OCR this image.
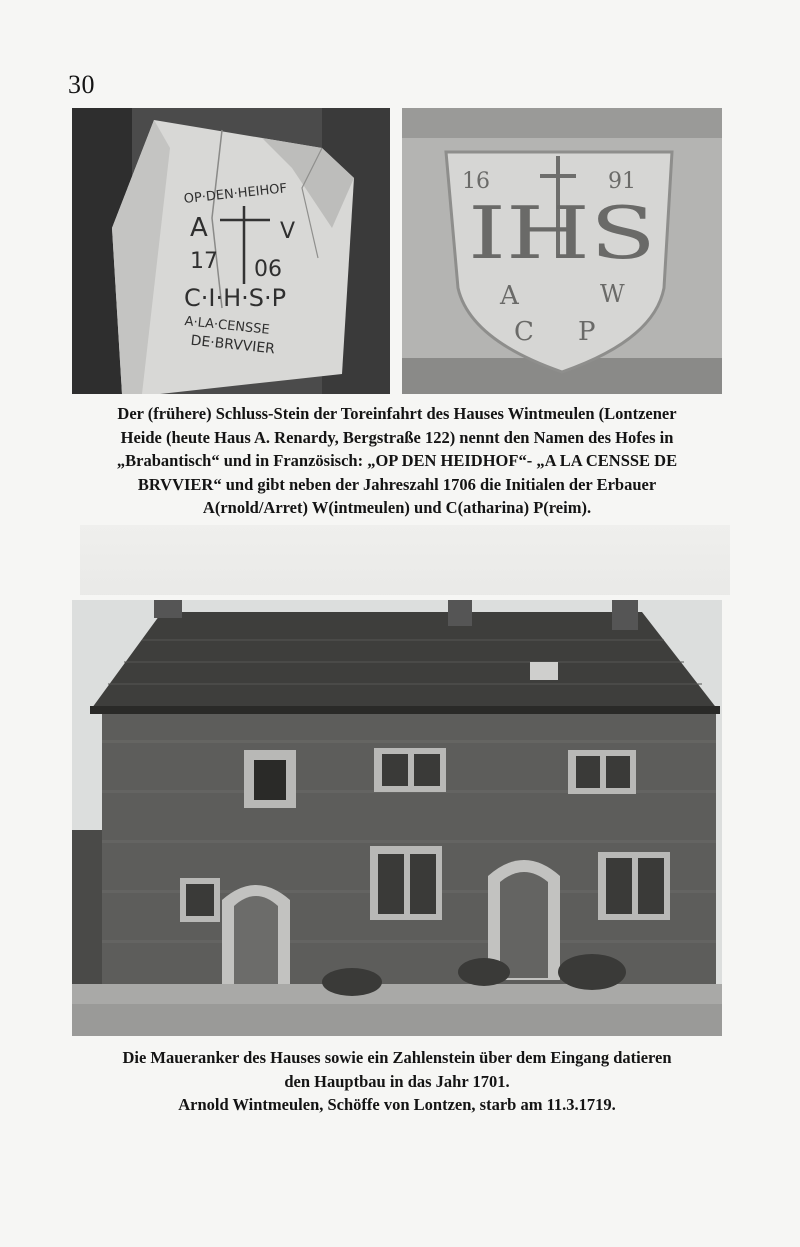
30
OP·DEN·HEIHOF
A	V
17 06
C·I·H·S·P
A·LA·CENSSE
DE·BRVVIER
16	91
IHS
A	W
C P

Der (frühere) Schluss-Stein der Toreinfahrt des Hauses Wintmeulen (Lontzener

Heide (heute Haus A. Renardy, Bergstraße 122) nennt den Namen des Hofes in

„Brabantisch“ und in Französisch: „OP DEN HEIDHOF“- „A LA CENSSE DE

BRVVIER“ und gibt neben der Jahreszahl 1706 die Initialen der Erbauer

A(rnold/Arret) W(intmeulen) und C(atharina) P(reim).

Die Maueranker des Hauses sowie ein Zahlenstein über dem Eingang datieren

den Hauptbau in das Jahr 1701.

Arnold Wintmeulen, Schöffe von Lontzen, starb am 11.3.1719.
